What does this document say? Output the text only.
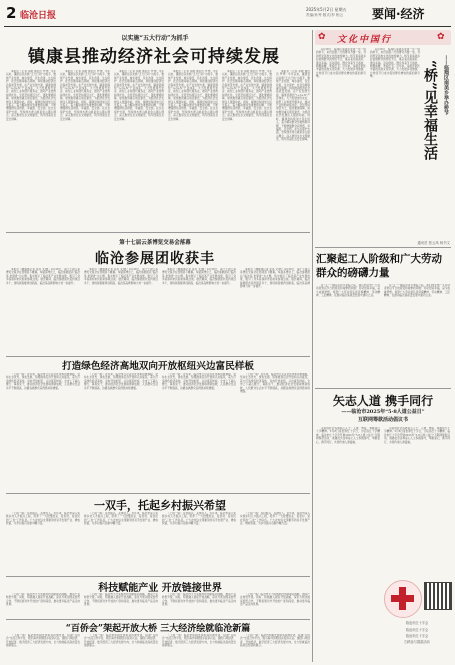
2 临沧日报
2025年5月2日 星期五
责编/孙秀 版式/李 相云 要闻·经济
以实施“五大行动”为抓手
镇康县推动经济社会可持续发展

本报讯（记者 李晓 通讯员 罗琴）今年以来，镇康县以实施“五大行动”为抓手，聚焦产业发展、城乡建设、民生改善、生态保护、社会治理等重点领域，持续推动经济社会高质量发展。在产业发展方面，镇康县围绕“1+3+N”产业体系，大力发展现代农业、新型工业和现代服务业，推动产业结构持续优化。全县坚持项目为王，强化要素保障，加快推进重点项目建设，为经济社会发展注入强劲动能。同时，镇康县持续加大民生投入，着力解决群众急难愁盼问题，不断增强群众获得感、幸福感、安全感。在生态保护方面，坚持绿水青山就是金山银山理念，深入推进生态文明建设，筑牢西南生态安全屏障。

本报讯（记者 李晓 通讯员 罗琴）今年以来，镇康县以实施“五大行动”为抓手，聚焦产业发展、城乡建设、民生改善、生态保护、社会治理等重点领域，持续推动经济社会高质量发展。在产业发展方面，镇康县围绕“1+3+N”产业体系，大力发展现代农业、新型工业和现代服务业，推动产业结构持续优化。全县坚持项目为王，强化要素保障，加快推进重点项目建设，为经济社会发展注入强劲动能。同时，镇康县持续加大民生投入，着力解决群众急难愁盼问题，不断增强群众获得感、幸福感、安全感。在生态保护方面，坚持绿水青山就是金山银山理念，深入推进生态文明建设，筑牢西南生态安全屏障。

本报讯（记者 李晓 通讯员 罗琴）今年以来，镇康县以实施“五大行动”为抓手，聚焦产业发展、城乡建设、民生改善、生态保护、社会治理等重点领域，持续推动经济社会高质量发展。在产业发展方面，镇康县围绕“1+3+N”产业体系，大力发展现代农业、新型工业和现代服务业，推动产业结构持续优化。全县坚持项目为王，强化要素保障，加快推进重点项目建设，为经济社会发展注入强劲动能。同时，镇康县持续加大民生投入，着力解决群众急难愁盼问题，不断增强群众获得感、幸福感、安全感。在生态保护方面，坚持绿水青山就是金山银山理念，深入推进生态文明建设，筑牢西南生态安全屏障。

本报讯（记者 李晓 通讯员 罗琴）今年以来，镇康县以实施“五大行动”为抓手，聚焦产业发展、城乡建设、民生改善、生态保护、社会治理等重点领域，持续推动经济社会高质量发展。在产业发展方面，镇康县围绕“1+3+N”产业体系，大力发展现代农业、新型工业和现代服务业，推动产业结构持续优化。全县坚持项目为王，强化要素保障，加快推进重点项目建设，为经济社会发展注入强劲动能。同时，镇康县持续加大民生投入，着力解决群众急难愁盼问题，不断增强群众获得感、幸福感、安全感。在生态保护方面，坚持绿水青山就是金山银山理念，深入推进生态文明建设，筑牢西南生态安全屏障。

本报讯（记者 李晓 通讯员 罗琴）今年以来，镇康县以实施“五大行动”为抓手，聚焦产业发展、城乡建设、民生改善、生态保护、社会治理等重点领域，持续推动经济社会高质量发展。在产业发展方面，镇康县围绕“1+3+N”产业体系，大力发展现代农业、新型工业和现代服务业，推动产业结构持续优化。全县坚持项目为王，强化要素保障，加快推进重点项目建设，为经济社会发展注入强劲动能。同时，镇康县持续加大民生投入，着力解决群众急难愁盼问题，不断增强群众获得感、幸福感、安全感。在生态保护方面，坚持绿水青山就是金山银山理念，深入推进生态文明建设，筑牢西南生态安全屏障。

本报讯（记者 李晓 通讯员 罗琴）今年以来，镇康县以实施“五大行动”为抓手，聚焦产业发展、城乡建设、民生改善、生态保护、社会治理等重点领域，持续推动经济社会高质量发展。在产业发展方面，镇康县围绕“1+3+N”产业体系，大力发展现代农业、新型工业和现代服务业，推动产业结构持续优化。全县坚持项目为王，强化要素保障，加快推进重点项目建设，为经济社会发展注入强劲动能。同时，镇康县持续加大民生投入，着力解决群众急难愁盼问题，不断增强群众获得感、幸福感、安全感。在生态保护方面，坚持绿水青山就是金山银山理念，深入推进生态文明建设，筑牢西南生态安全屏障。

第十七届云茶博览交易会落幕
临沧参展团收获丰

本报讯（融媒体记者 张亮 文/图）4月28日，第十七届云茶博览交易会在昆明落下帷幕。本届茶博会上，临沧参展团以“临沧茶·世界香”为主题，集中展示了临沧茶产业发展成果，吸引了众多客商和市民前来参观洽谈。展会期间，临沧参展团共签约项目多个，现场销售额再创新高，临沧茶品牌影响力进一步提升。

本报讯（融媒体记者 张亮 文/图）4月28日，第十七届云茶博览交易会在昆明落下帷幕。本届茶博会上，临沧参展团以“临沧茶·世界香”为主题，集中展示了临沧茶产业发展成果，吸引了众多客商和市民前来参观洽谈。展会期间，临沧参展团共签约项目多个，现场销售额再创新高，临沧茶品牌影响力进一步提升。

本报讯（融媒体记者 张亮 文/图）4月28日，第十七届云茶博览交易会在昆明落下帷幕。本届茶博会上，临沧参展团以“临沧茶·世界香”为主题，集中展示了临沧茶产业发展成果，吸引了众多客商和市民前来参观洽谈。展会期间，临沧参展团共签约项目多个，现场销售额再创新高，临沧茶品牌影响力进一步提升。

本报讯（融媒体记者 张亮 文/图）4月28日，第十七届云茶博览交易会在昆明落下帷幕。本届茶博会上，临沧参展团以“临沧茶·世界香”为主题，集中展示了临沧茶产业发展成果，吸引了众多客商和市民前来参观洽谈。展会期间，临沧参展团共签约项目多个，现场销售额再创新高，临沧茶品牌影响力进一步提升。

打造绿色经济高地双向开放枢纽兴边富民样板

（上接一版）近年来，临沧市立足区位优势和资源禀赋，坚持生态优先、绿色发展，统筹推进沿边开放和兴边富民，着力打造绿色经济高地、双向开放枢纽、兴边富民样板。全市上下凝心聚力、真抓实干，推动经济社会发展取得新成效，人民群众生活水平不断提高，边疆各族群众获得感持续增强。

（上接一版）近年来，临沧市立足区位优势和资源禀赋，坚持生态优先、绿色发展，统筹推进沿边开放和兴边富民，着力打造绿色经济高地、双向开放枢纽、兴边富民样板。全市上下凝心聚力、真抓实干，推动经济社会发展取得新成效，人民群众生活水平不断提高，边疆各族群众获得感持续增强。

（上接一版）近年来，临沧市立足区位优势和资源禀赋，坚持生态优先、绿色发展，统筹推进沿边开放和兴边富民，着力打造绿色经济高地、双向开放枢纽、兴边富民样板。全市上下凝心聚力、真抓实干，推动经济社会发展取得新成效，人民群众生活水平不断提高，边疆各族群众获得感持续增强。

（上接一版）近年来，临沧市立足区位优势和资源禀赋，坚持生态优先、绿色发展，统筹推进沿边开放和兴边富民，着力打造绿色经济高地、双向开放枢纽、兴边富民样板。全市上下凝心聚力、真抓实干，推动经济社会发展取得新成效，人民群众生活水平不断提高，边疆各族群众获得感持续增强。

一双手，托起乡村振兴希望

（上接一版）乡村振兴，关键在人。近年来，临沧市深入实施乡村人才振兴工程，培养了一大批懂农业、爱农村、爱农民的“三农”工作队伍。广大农村妇女用勤劳的双手发展产业、增收致富，为乡村振兴贡献巾帼力量。

（上接一版）乡村振兴，关键在人。近年来，临沧市深入实施乡村人才振兴工程，培养了一大批懂农业、爱农村、爱农民的“三农”工作队伍。广大农村妇女用勤劳的双手发展产业、增收致富，为乡村振兴贡献巾帼力量。

（上接一版）乡村振兴，关键在人。近年来，临沧市深入实施乡村人才振兴工程，培养了一大批懂农业、爱农村、爱农民的“三农”工作队伍。广大农村妇女用勤劳的双手发展产业、增收致富，为乡村振兴贡献巾帼力量。

（上接一版）乡村振兴，关键在人。近年来，临沧市深入实施乡村人才振兴工程，培养了一大批懂农业、爱农村、爱农民的“三农”工作队伍。广大农村妇女用勤劳的双手发展产业、增收致富，为乡村振兴贡献巾帼力量。

科技赋能产业 开放链接世界

（上接一版）临沧市大力实施科技创新驱动战略，推动产业转型升级。同时，积极融入国家开放战略，深化与周边国家经贸合作，不断拓展对外开放的广度和深度，推动更多临沧产品走向世界。

（上接一版）临沧市大力实施科技创新驱动战略，推动产业转型升级。同时，积极融入国家开放战略，深化与周边国家经贸合作，不断拓展对外开放的广度和深度，推动更多临沧产品走向世界。

（上接一版）临沧市大力实施科技创新驱动战略，推动产业转型升级。同时，积极融入国家开放战略，深化与周边国家经贸合作，不断拓展对外开放的广度和深度，推动更多临沧产品走向世界。

（上接一版）临沧市大力实施科技创新驱动战略，推动产业转型升级。同时，积极融入国家开放战略，深化与周边国家经贸合作，不断拓展对外开放的广度和深度，推动更多临沧产品走向世界。

“百侨会”架起开放大桥 三大经济绘就临沧新篇

（上接一版）临沧市积极发挥侨务资源优势，搭建“百侨会”交流合作平台，吸引海外侨胞回乡投资兴业。围绕口岸经济、开放经济、数字经济三大经济发展方向，全力绘就临沧高质量发展新篇章。

（上接一版）临沧市积极发挥侨务资源优势，搭建“百侨会”交流合作平台，吸引海外侨胞回乡投资兴业。围绕口岸经济、开放经济、数字经济三大经济发展方向，全力绘就临沧高质量发展新篇章。

（上接一版）临沧市积极发挥侨务资源优势，搭建“百侨会”交流合作平台，吸引海外侨胞回乡投资兴业。围绕口岸经济、开放经济、数字经济三大经济发展方向，全力绘就临沧高质量发展新篇章。

（上接一版）临沧市积极发挥侨务资源优势，搭建“百侨会”交流合作平台，吸引海外侨胞回乡投资兴业。围绕口岸经济、开放经济、数字经济三大经济发展方向，全力绘就临沧高质量发展新篇章。

✿ 文化中国行	✿

4月28日，临翔区南美乡迎来一年一度的桥节，来自四面八方的群众齐聚一堂，共同感受民族文化的独特魅力。桥节是南美乡拉祜族群众的传统节日，寓意着连接美好、通往幸福。活动现场，群众身着节日盛装，载歌载舞，欢度佳节。近年来，南美乡依托丰富的民族文化资源，大力发展乡村旅游，让传统节日成为促进群众增收致富的新引擎。

4月28日，临翔区南美乡迎来一年一度的桥节，来自四面八方的群众齐聚一堂，共同感受民族文化的独特魅力。桥节是南美乡拉祜族群众的传统节日，寓意着连接美好、通往幸福。活动现场，群众身着节日盛装，载歌载舞，欢度佳节。近年来，南美乡依托丰富的民族文化资源，大力发展乡村旅游，让传统节日成为促进群众增收致富的新引擎。	“桥”见幸福生活	——临翔区南美乡举办桥节
通讯员 张云凤 杨书文
汇聚起工人阶级和广大劳动群众的磅礴力量

在“五一”国际劳动节来临之际，我们向全市广大劳动者致以节日的祝贺和诚挚的问候！劳动创造幸福，奋斗成就梦想。希望广大劳动者弘扬劳模精神、劳动精神、工匠精神，在推动临沧高质量发展中建功立业。

在“五一”国际劳动节来临之际，我们向全市广大劳动者致以节日的祝贺和诚挚的问候！劳动创造幸福，奋斗成就梦想。希望广大劳动者弘扬劳模精神、劳动精神、工匠精神，在推动临沧高质量发展中建功立业。

矢志人道 携手同行
——临沧市2025年“5·8人道公益日”
互联网筹款活动倡议书

亲爱的社会各界爱心人士：人道、博爱、奉献是红十字精神。5月8日是世界红十字日，为弘扬红十字精神，临沧市红十字会开展2025年“5·8人道公益日”互联网筹款活动，诚邀社会各界爱心人士积极参与，奉献爱心，携手同行，共同传递人道温暖。

亲爱的社会各界爱心人士：人道、博爱、奉献是红十字精神。5月8日是世界红十字日，为弘扬红十字精神，临沧市红十字会开展2025年“5·8人道公益日”互联网筹款活动，诚邀社会各界爱心人士积极参与，奉献爱心，携手同行，共同传递人道温暖。

临沧市红十字会
临沧市红十字会
临沧市红十字会
扫码参与捐款活动
